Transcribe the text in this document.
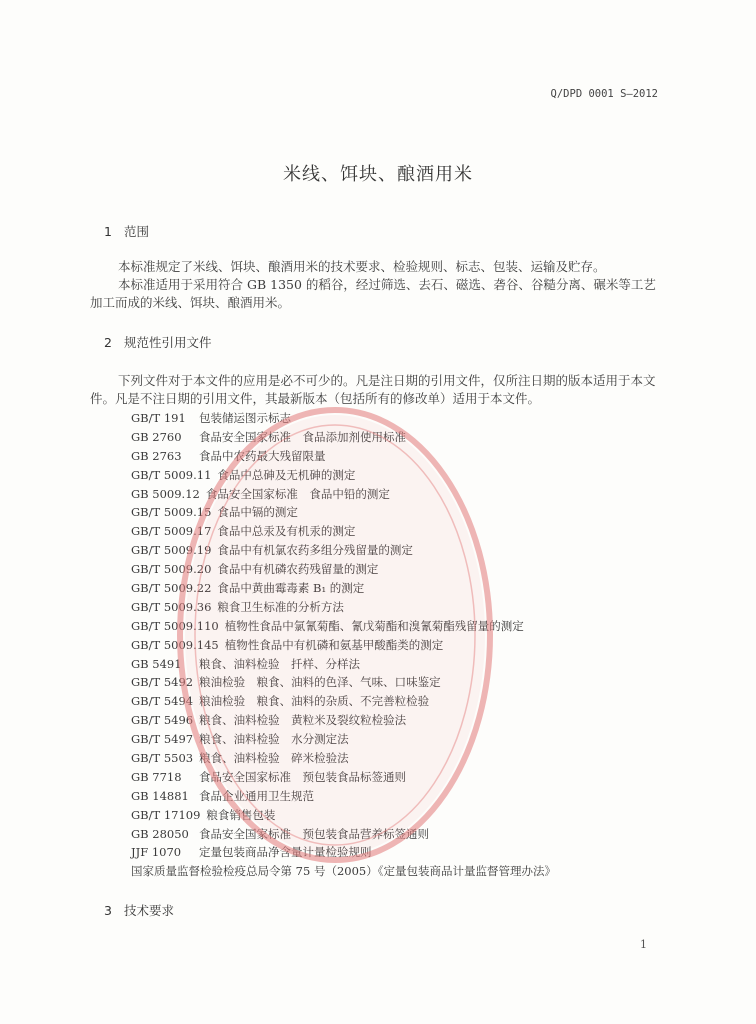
Q/DPD 0001 S—2012
米线、饵块、酿酒用米
1 范围
本标准规定了米线、饵块、酿酒用米的技术要求、检验规则、标志、包装、运输及贮存。
本标准适用于采用符合 GB 1350 的稻谷，经过筛选、去石、磁选、砻谷、谷糙分离、碾米等工艺加工而成的米线、饵块、酿酒用米。
2 规范性引用文件
下列文件对于本文件的应用是必不可少的。凡是注日期的引用文件，仅所注日期的版本适用于本文件。凡是不注日期的引用文件，其最新版本（包括所有的修改单）适用于本文件。
GB/T 191 包装储运图示标志
GB 2760 食品安全国家标准　食品添加剂使用标准
GB 2763 食品中农药最大残留限量
GB/T 5009.11 食品中总砷及无机砷的测定
GB 5009.12 食品安全国家标准　食品中铅的测定
GB/T 5009.15 食品中镉的测定
GB/T 5009.17 食品中总汞及有机汞的测定
GB/T 5009.19 食品中有机氯农药多组分残留量的测定
GB/T 5009.20 食品中有机磷农药残留量的测定
GB/T 5009.22 食品中黄曲霉毒素 B₁ 的测定
GB/T 5009.36 粮食卫生标准的分析方法
GB/T 5009.110 植物性食品中氯氰菊酯、氰戊菊酯和溴氰菊酯残留量的测定
GB/T 5009.145 植物性食品中有机磷和氨基甲酸酯类的测定
GB 5491 粮食、油料检验　扦样、分样法
GB/T 5492 粮油检验　粮食、油料的色泽、气味、口味鉴定
GB/T 5494 粮油检验　粮食、油料的杂质、不完善粒检验
GB/T 5496 粮食、油料检验　黄粒米及裂纹粒检验法
GB/T 5497 粮食、油料检验　水分测定法
GB/T 5503 粮食、油料检验　碎米检验法
GB 7718 食品安全国家标准　预包装食品标签通则
GB 14881 食品企业通用卫生规范
GB/T 17109 粮食销售包装
GB 28050 食品安全国家标准　预包装食品营养标签通则
JJF 1070 定量包装商品净含量计量检验规则
国家质量监督检验检疫总局令第 75 号（2005）《定量包装商品计量监督管理办法》
3 技术要求
1
